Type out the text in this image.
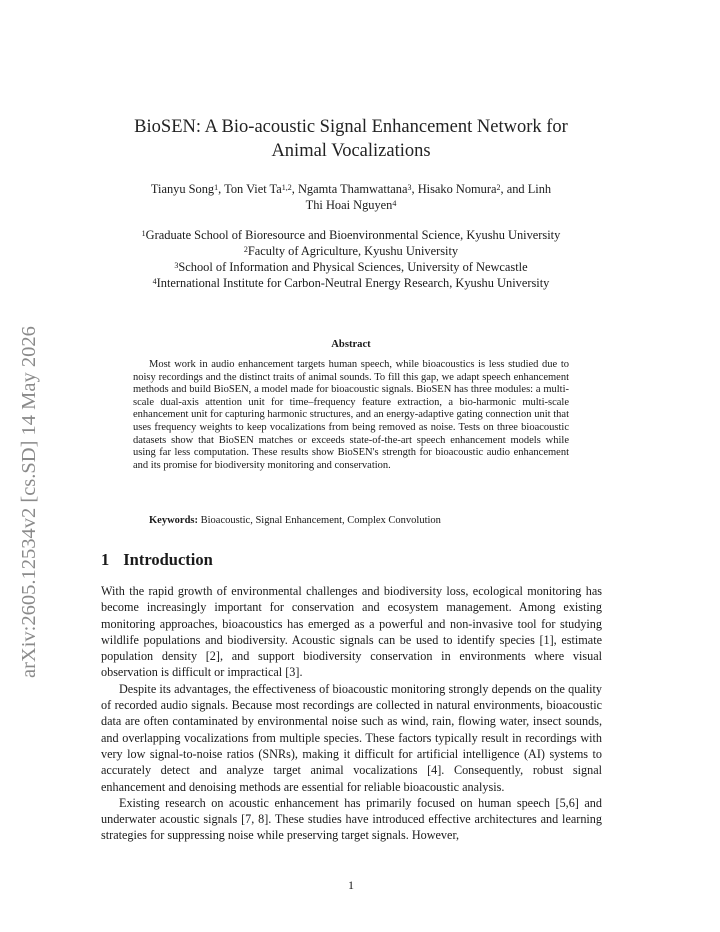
arXiv:2605.12534v2 [cs.SD] 14 May 2026
BioSEN: A Bio-acoustic Signal Enhancement Network for
Animal Vocalizations
Tianyu Song$^1$, Ton Viet Ta$^{1,2}$, Ngamta Thamwattana$^3$, Hisako Nomura$^2$, and Linh
Thi Hoai Nguyen$^4$
$^1$Graduate School of Bioresource and Bioenvironmental Science, Kyushu University
$^2$Faculty of Agriculture, Kyushu University
$^3$School of Information and Physical Sciences, University of Newcastle
$^4$International Institute for Carbon-Neutral Energy Research, Kyushu University
Abstract
Most work in audio enhancement targets human speech, while bioacoustics is less studied due to noisy recordings and the distinct traits of animal sounds. To fill this gap, we adapt speech enhancement methods and build BioSEN, a model made for bioacoustic signals. BioSEN has three modules: a multi-scale dual-axis attention unit for time–frequency feature extraction, a bio-harmonic multi-scale enhancement unit for capturing harmonic structures, and an energy-adaptive gating connection unit that uses frequency weights to keep vocalizations from being removed as noise. Tests on three bioacoustic datasets show that BioSEN matches or exceeds state-of-the-art speech enhancement models while using far less computation. These results show BioSEN's strength for bioacoustic audio enhancement and its promise for biodiversity monitoring and conservation.
Keywords: Bioacoustic, Signal Enhancement, Complex Convolution
1 Introduction

With the rapid growth of environmental challenges and biodiversity loss, ecological monitoring has become increasingly important for conservation and ecosystem management. Among existing monitoring approaches, bioacoustics has emerged as a powerful and non-invasive tool for studying wildlife populations and biodiversity. Acoustic signals can be used to identify species [1], estimate population density [2], and support biodiversity conservation in environments where visual observation is difficult or impractical [3].

Despite its advantages, the effectiveness of bioacoustic monitoring strongly depends on the quality of recorded audio signals. Because most recordings are collected in natural environments, bioacoustic data are often contaminated by environmental noise such as wind, rain, flowing water, insect sounds, and overlapping vocalizations from multiple species. These factors typically result in recordings with very low signal-to-noise ratios (SNRs), making it difficult for artificial intelligence (AI) systems to accurately detect and analyze target animal vocalizations [4]. Consequently, robust signal enhancement and denoising methods are essential for reliable bioacoustic analysis.

Existing research on acoustic enhancement has primarily focused on human speech [5,6] and underwater acoustic signals [7, 8]. These studies have introduced effective architectures and learning strategies for suppressing noise while preserving target signals. However,

1
